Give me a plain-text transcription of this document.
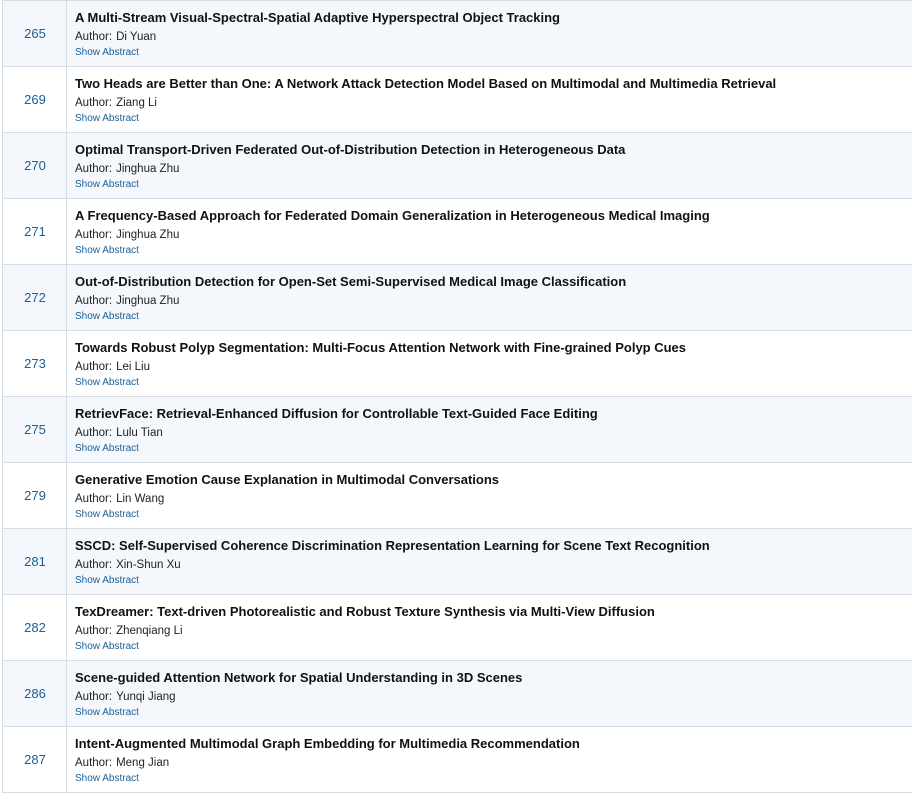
265
A Multi-Stream Visual-Spectral-Spatial Adaptive Hyperspectral Object Tracking
Author: Di Yuan
Show Abstract
269
Two Heads are Better than One: A Network Attack Detection Model Based on Multimodal and Multimedia Retrieval
Author: Ziang Li
Show Abstract
270
Optimal Transport-Driven Federated Out-of-Distribution Detection in Heterogeneous Data
Author: Jinghua Zhu
Show Abstract
271
A Frequency-Based Approach for Federated Domain Generalization in Heterogeneous Medical Imaging
Author: Jinghua Zhu
Show Abstract
272
Out-of-Distribution Detection for Open-Set Semi-Supervised Medical Image Classification
Author: Jinghua Zhu
Show Abstract
273
Towards Robust Polyp Segmentation: Multi-Focus Attention Network with Fine-grained Polyp Cues
Author: Lei Liu
Show Abstract
275
RetrievFace: Retrieval-Enhanced Diffusion for Controllable Text-Guided Face Editing
Author: Lulu Tian
Show Abstract
279
Generative Emotion Cause Explanation in Multimodal Conversations
Author: Lin Wang
Show Abstract
281
SSCD: Self-Supervised Coherence Discrimination Representation Learning for Scene Text Recognition
Author: Xin-Shun Xu
Show Abstract
282
TexDreamer: Text-driven Photorealistic and Robust Texture Synthesis via Multi-View Diffusion
Author: Zhenqiang Li
Show Abstract
286
Scene-guided Attention Network for Spatial Understanding in 3D Scenes
Author: Yunqi Jiang
Show Abstract
287
Intent-Augmented Multimodal Graph Embedding for Multimedia Recommendation
Author: Meng Jian
Show Abstract
